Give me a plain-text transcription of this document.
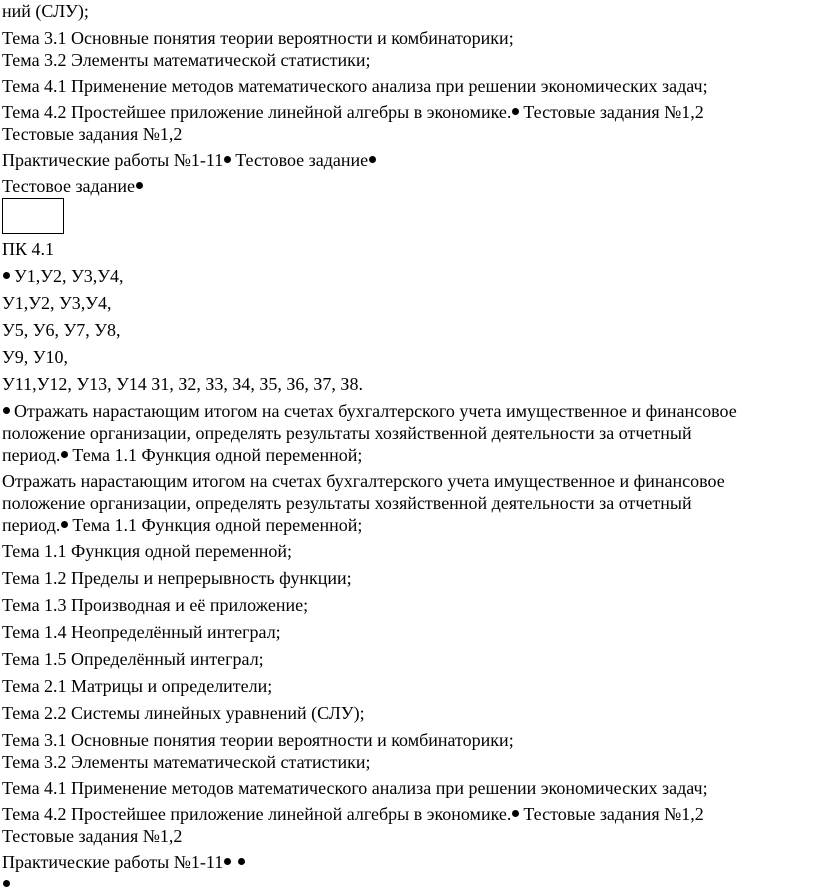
ний (СЛУ);
Тема 3.1 Основные понятия теории вероятности и комбинаторики;
Тема 3.2 Элементы математической статистики;
Тема 4.1 Применение методов математического анализа при решении экономических задач;
Тема 4.2 Простейшее приложение линейной алгебры в экономике. Тестовые задания №1,2
Тестовые задания №1,2
Практические работы №1-11 Тестовое задание
Тестовое задание
ПК 4.1
У1,У2, У3,У4,
У1,У2, У3,У4,
У5, У6, У7, У8,
У9, У10,
У11,У12, У13, У14 З1, З2, З3, З4, З5, З6, З7, З8.
Отражать нарастающим итогом на счетах бухгалтерского учета имущественное и финансовое
положение организации, определять результаты хозяйственной деятельности за отчетный
период. Тема 1.1 Функция одной переменной;
Отражать нарастающим итогом на счетах бухгалтерского учета имущественное и финансовое
положение организации, определять результаты хозяйственной деятельности за отчетный
период. Тема 1.1 Функция одной переменной;
Тема 1.1 Функция одной переменной;
Тема 1.2 Пределы и непрерывность функции;
Тема 1.3 Производная и её приложение;
Тема 1.4 Неопределённый интеграл;
Тема 1.5 Определённый интеграл;
Тема 2.1 Матрицы и определители;
Тема 2.2 Системы линейных уравнений (СЛУ);
Тема 3.1 Основные понятия теории вероятности и комбинаторики;
Тема 3.2 Элементы математической статистики;
Тема 4.1 Применение методов математического анализа при решении экономических задач;
Тема 4.2 Простейшее приложение линейной алгебры в экономике. Тестовые задания №1,2
Тестовые задания №1,2
Практические работы №1-11
